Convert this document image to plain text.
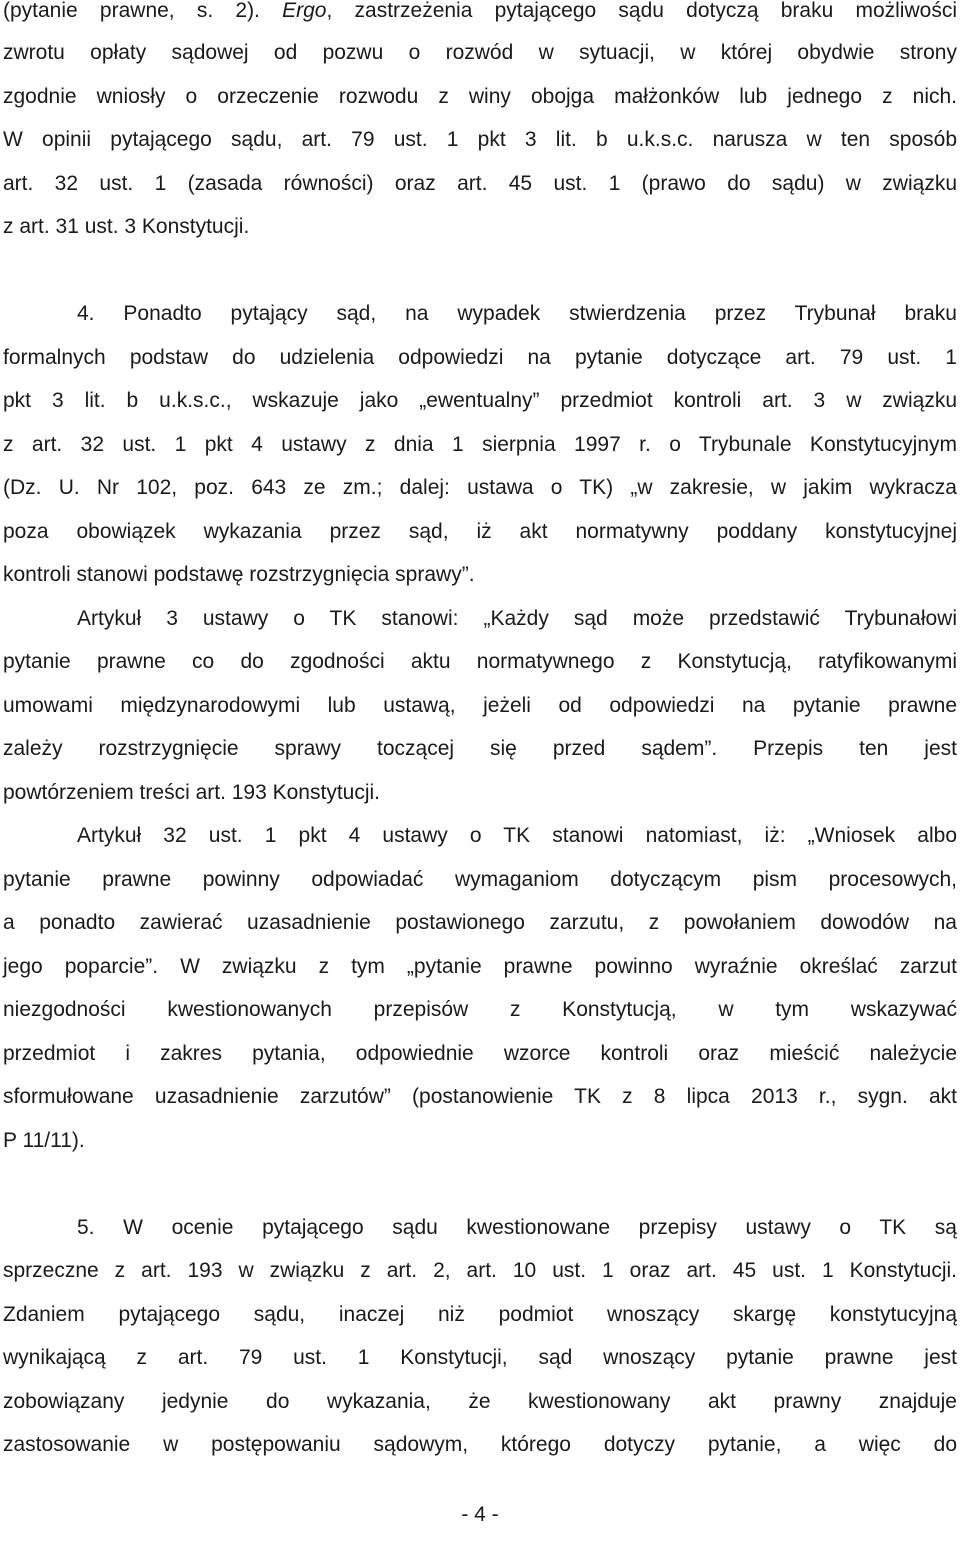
(pytanie prawne, s. 2). Ergo, zastrzeżenia pytającego sądu dotyczą braku możliwości
zwrotu opłaty sądowej od pozwu o rozwód w sytuacji, w której obydwie strony
zgodnie wniosły o orzeczenie rozwodu z winy obojga małżonków lub jednego z nich.
W opinii pytającego sądu, art. 79 ust. 1 pkt 3 lit. b u.k.s.c. narusza w ten sposób
art. 32 ust. 1 (zasada równości) oraz art. 45 ust. 1 (prawo do sądu) w związku
z art. 31 ust. 3 Konstytucji.
4. Ponadto pytający sąd, na wypadek stwierdzenia przez Trybunał braku
formalnych podstaw do udzielenia odpowiedzi na pytanie dotyczące art. 79 ust. 1
pkt 3 lit. b u.k.s.c., wskazuje jako „ewentualny” przedmiot kontroli art. 3 w związku
z art. 32 ust. 1 pkt 4 ustawy z dnia 1 sierpnia 1997 r. o Trybunale Konstytucyjnym
(Dz. U. Nr 102, poz. 643 ze zm.; dalej: ustawa o TK) „w zakresie, w jakim wykracza
poza obowiązek wykazania przez sąd, iż akt normatywny poddany konstytucyjnej
kontroli stanowi podstawę rozstrzygnięcia sprawy”.
Artykuł 3 ustawy o TK stanowi: „Każdy sąd może przedstawić Trybunałowi
pytanie prawne co do zgodności aktu normatywnego z Konstytucją, ratyfikowanymi
umowami międzynarodowymi lub ustawą, jeżeli od odpowiedzi na pytanie prawne
zależy rozstrzygnięcie sprawy toczącej się przed sądem”. Przepis ten jest
powtórzeniem treści art. 193 Konstytucji.
Artykuł 32 ust. 1 pkt 4 ustawy o TK stanowi natomiast, iż: „Wniosek albo
pytanie prawne powinny odpowiadać wymaganiom dotyczącym pism procesowych,
a ponadto zawierać uzasadnienie postawionego zarzutu, z powołaniem dowodów na
jego poparcie”. W związku z tym „pytanie prawne powinno wyraźnie określać zarzut
niezgodności kwestionowanych przepisów z Konstytucją, w tym wskazywać
przedmiot i zakres pytania, odpowiednie wzorce kontroli oraz mieścić należycie
sformułowane uzasadnienie zarzutów” (postanowienie TK z 8 lipca 2013 r., sygn. akt
P 11/11).
5. W ocenie pytającego sądu kwestionowane przepisy ustawy o TK są
sprzeczne z art. 193 w związku z art. 2, art. 10 ust. 1 oraz art. 45 ust. 1 Konstytucji.
Zdaniem pytającego sądu, inaczej niż podmiot wnoszący skargę konstytucyjną
wynikającą z art. 79 ust. 1 Konstytucji, sąd wnoszący pytanie prawne jest
zobowiązany jedynie do wykazania, że kwestionowany akt prawny znajduje
zastosowanie w postępowaniu sądowym, którego dotyczy pytanie, a więc do
- 4 -
